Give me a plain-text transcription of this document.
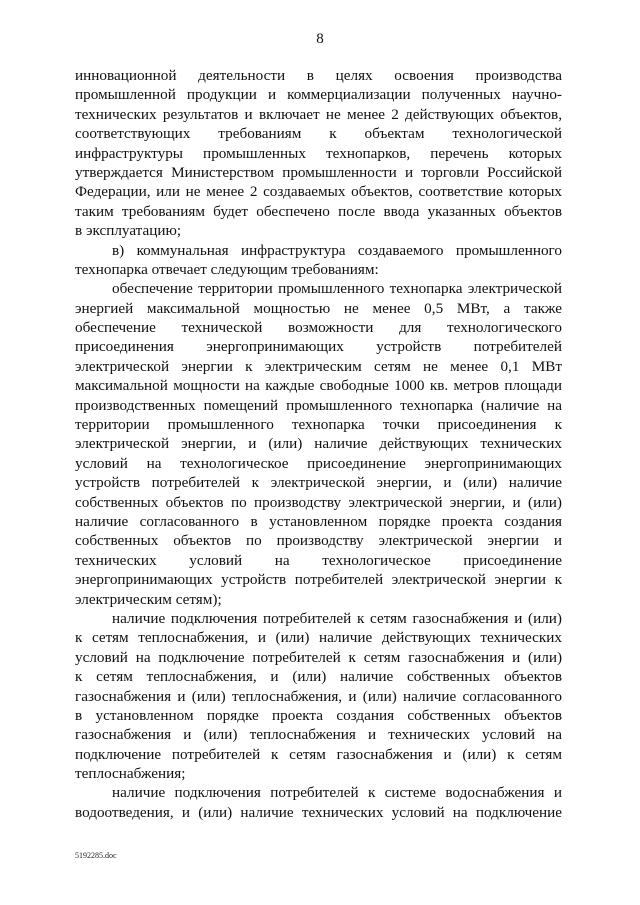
8
инновационной деятельности в целях освоения производства
промышленной продукции и коммерциализации полученных научно-
технических результатов и включает не менее 2 действующих объектов,
соответствующих требованиям к объектам технологической
инфраструктуры промышленных технопарков, перечень которых
утверждается Министерством промышленности и торговли Российской
Федерации, или не менее 2 создаваемых объектов, соответствие которых
таким требованиям будет обеспечено после ввода указанных объектов
в эксплуатацию;
в) коммунальная инфраструктура создаваемого промышленного
технопарка отвечает следующим требованиям:
обеспечение территории промышленного технопарка электрической
энергией максимальной мощностью не менее 0,5 МВт, а также
обеспечение технической возможности для технологического
присоединения энергопринимающих устройств потребителей
электрической энергии к электрическим сетям не менее 0,1 МВт
максимальной мощности на каждые свободные 1000 кв. метров площади
производственных помещений промышленного технопарка (наличие на
территории промышленного технопарка точки присоединения к
электрической энергии, и (или) наличие действующих технических
условий на технологическое присоединение энергопринимающих
устройств потребителей к электрической энергии, и (или) наличие
собственных объектов по производству электрической энергии, и (или)
наличие согласованного в установленном порядке проекта создания
собственных объектов по производству электрической энергии и
технических условий на технологическое присоединение
энергопринимающих устройств потребителей электрической энергии к
электрическим сетям);
наличие подключения потребителей к сетям газоснабжения и (или)
к сетям теплоснабжения, и (или) наличие действующих технических
условий на подключение потребителей к сетям газоснабжения и (или)
к сетям теплоснабжения, и (или) наличие собственных объектов
газоснабжения и (или) теплоснабжения, и (или) наличие согласованного
в установленном порядке проекта создания собственных объектов
газоснабжения и (или) теплоснабжения и технических условий на
подключение потребителей к сетям газоснабжения и (или) к сетям
теплоснабжения;
наличие подключения потребителей к системе водоснабжения и
водоотведения, и (или) наличие технических условий на подключение
5192285.doc
